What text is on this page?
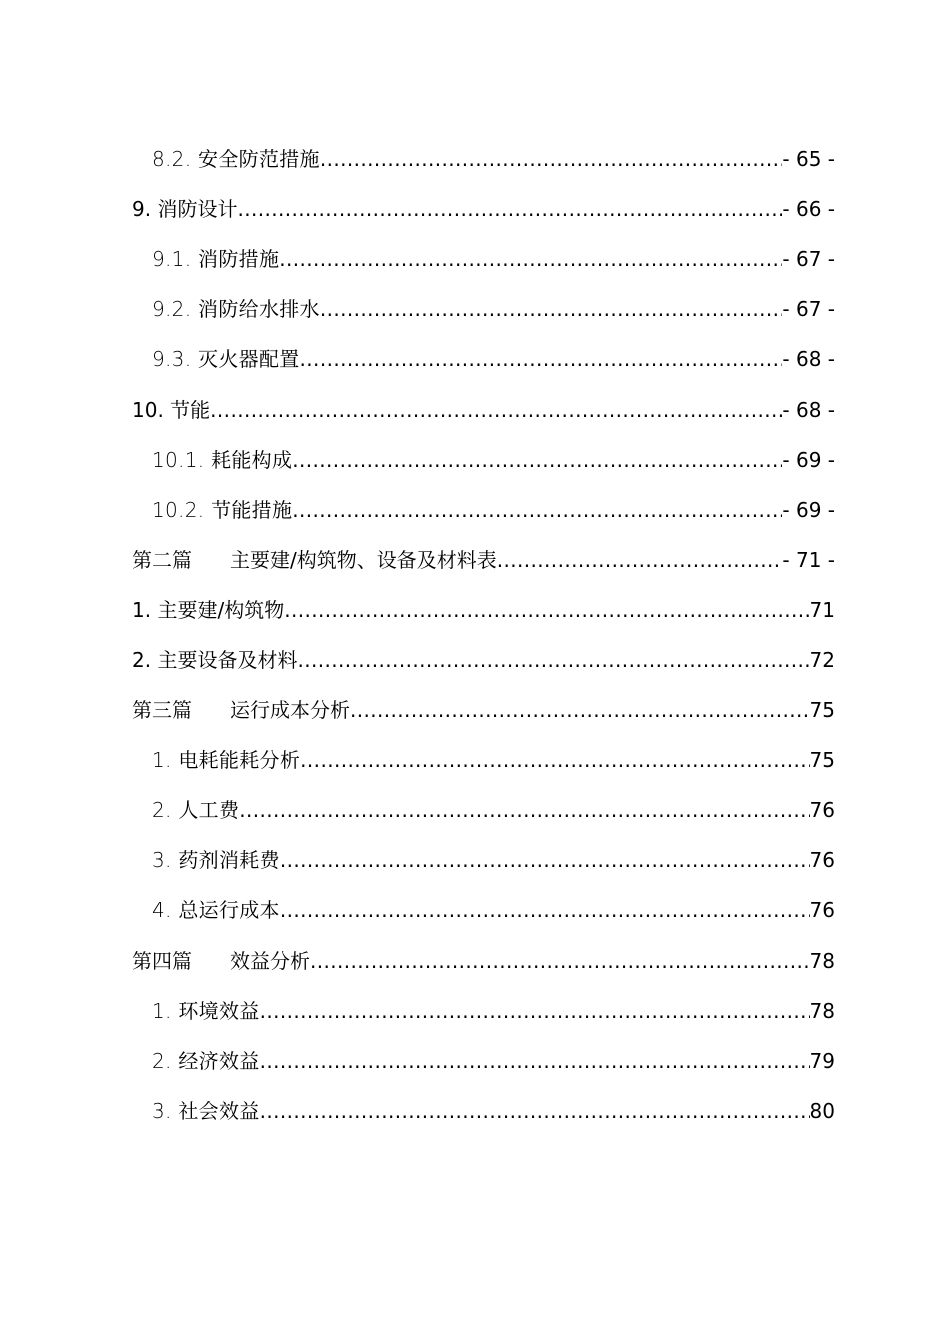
8.2. 安全防范措施 .....	- 65 -
9. 消防设计 .....	- 66 -
9.1. 消防措施 .....	- 67 -
9.2. 消防给水排水 .....	- 67 -
9.3. 灭火器配置 .....	- 68 -
10. 节能 .....	- 68 -
10.1. 耗能构成 .....	- 69 -
10.2. 节能措施 .....	- 69 -
第二篇 主要建/构筑物、设备及材料表 .....	- 71 -
1. 主要建/构筑物 .....	71
2. 主要设备及材料 .....	72
第三篇 运行成本分析 .....	75
1. 电耗能耗分析 .....	75
2. 人工费 .....	76
3. 药剂消耗费 .....	76
4. 总运行成本 .....	76
第四篇 效益分析 .....	78
1. 环境效益 .....	78
2. 经济效益 .....	79
3. 社会效益 .....	80
